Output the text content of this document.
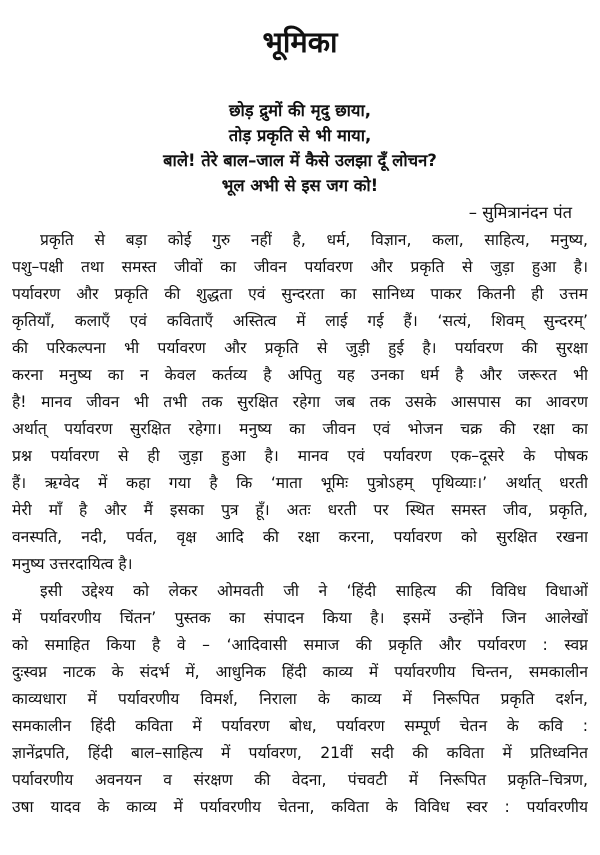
भूमिका
छोड़ द्रुमों की मृदु छाया,
तोड़ प्रकृति से भी माया,
बाले! तेरे बाल–जाल में कैसे उलझा दूँ लोचन?
भूल अभी से इस जग को!
– सुमित्रानंदन पंत
प्रकृति से बड़ा कोई गुरु नहीं है, धर्म, विज्ञान, कला, साहित्य, मनुष्य,
पशु–पक्षी तथा समस्त जीवों का जीवन पर्यावरण और प्रकृति से जुड़ा हुआ है।
पर्यावरण और प्रकृति की शुद्धता एवं सुन्दरता का सानिध्य पाकर कितनी ही उत्तम
कृतियाँ, कलाएँ एवं कविताएँ अस्तित्व में लाई गई हैं। ‘सत्यं, शिवम् सुन्दरम्’
की परिकल्पना भी पर्यावरण और प्रकृति से जुड़ी हुई है। पर्यावरण की सुरक्षा
करना मनुष्य का न केवल कर्तव्य है अपितु यह उनका धर्म है और जरूरत भी
है! मानव जीवन भी तभी तक सुरक्षित रहेगा जब तक उसके आसपास का आवरण
अर्थात् पर्यावरण सुरक्षित रहेगा। मनुष्य का जीवन एवं भोजन चक्र की रक्षा का
प्रश्न पर्यावरण से ही जुड़ा हुआ है। मानव एवं पर्यावरण एक–दूसरे के पोषक
हैं। ऋग्वेद में कहा गया है कि ‘माता भूमिः पुत्रोऽहम् पृथिव्याः।’ अर्थात् धरती
मेरी माँ है और मैं इसका पुत्र हूँ। अतः धरती पर स्थित समस्त जीव, प्रकृति,
वनस्पति, नदी, पर्वत, वृक्ष आदि की रक्षा करना, पर्यावरण को सुरक्षित रखना
मनुष्य उत्तरदायित्व है।
इसी उद्देश्य को लेकर ओमवती जी ने ‘हिंदी साहित्य की विविध विधाओं
में पर्यावरणीय चिंतन’ पुस्तक का संपादन किया है। इसमें उन्होंने जिन आलेखों
को समाहित किया है वे – ‘आदिवासी समाज की प्रकृति और पर्यावरण : स्वप्न
दुःस्वप्न नाटक के संदर्भ में, आधुनिक हिंदी काव्य में पर्यावरणीय चिन्तन, समकालीन
काव्यधारा में पर्यावरणीय विमर्श, निराला के काव्य में निरूपित प्रकृति दर्शन,
समकालीन हिंदी कविता में पर्यावरण बोध, पर्यावरण सम्पूर्ण चेतन के कवि :
ज्ञानेंद्रपति, हिंदी बाल–साहित्य में पर्यावरण, 21वीं सदी की कविता में प्रतिध्वनित
पर्यावरणीय अवनयन व संरक्षण की वेदना, पंचवटी में निरूपित प्रकृति–चित्रण,
उषा यादव के काव्य में पर्यावरणीय चेतना, कविता के विविध स्वर : पर्यावरणीय
